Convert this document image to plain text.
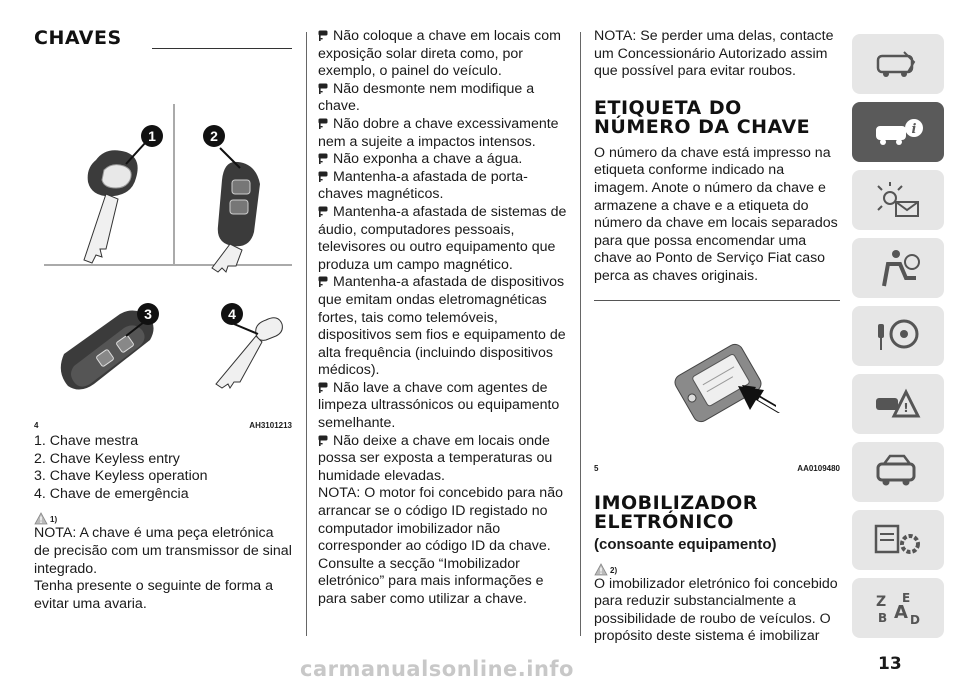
CHAVES
1	2
3	4
4	AH3101213

1. Chave mestra

2. Chave Keyless entry

3. Chave Keyless operation

4. Chave de emergência

$^{1)}$

NOTA: A chave é uma peça eletrónica de precisão com um transmissor de sinal integrado.

Tenha presente o seguinte de forma a evitar uma avaria.

Não coloque a chave em locais com exposição solar direta como, por exemplo, o painel do veículo.

Não desmonte nem modifique a chave.

Não dobre a chave excessivamente nem a sujeite a impactos intensos.

Não exponha a chave a água.

Mantenha-a afastada de porta-chaves magnéticos.

Mantenha-a afastada de sistemas de áudio, computadores pessoais, televisores ou outro equipamento que produza um campo magnético.

Mantenha-a afastada de dispositivos que emitam ondas eletromagnéticas fortes, tais como telemóveis, dispositivos sem fios e equipamento de alta frequência (incluindo dispositivos médicos).

Não lave a chave com agentes de limpeza ultrassónicos ou equipamento semelhante.

Não deixe a chave em locais onde possa ser exposta a temperaturas ou humidade elevadas.

NOTA: O motor foi concebido para não arrancar se o código ID registado no computador imobilizador não corresponder ao código ID da chave. Consulte a secção “Imobilizador eletrónico” para mais informações e para saber como utilizar a chave.

NOTA: Se perder uma delas, contacte um Concessionário Autorizado assim que possível para evitar roubos.

ETIQUETA DO NÚMERO DA CHAVE

O número da chave está impresso na etiqueta conforme indicado na imagem. Anote o número da chave e armazene a chave e a etiqueta do número da chave em locais separados para que possa encomendar uma chave ao Ponto de Serviço Fiat caso perca as chaves originais.

5	AA0109480
IMOBILIZADOR ELETRÓNICO

(consoante equipamento)

$^{2)}$

O imobilizador eletrónico foi concebido para reduzir substancialmente a possibilidade de roubo de veículos. O propósito deste sistema é imobilizar

i
!
Z E
B A D
13
carmanualsonline.info
